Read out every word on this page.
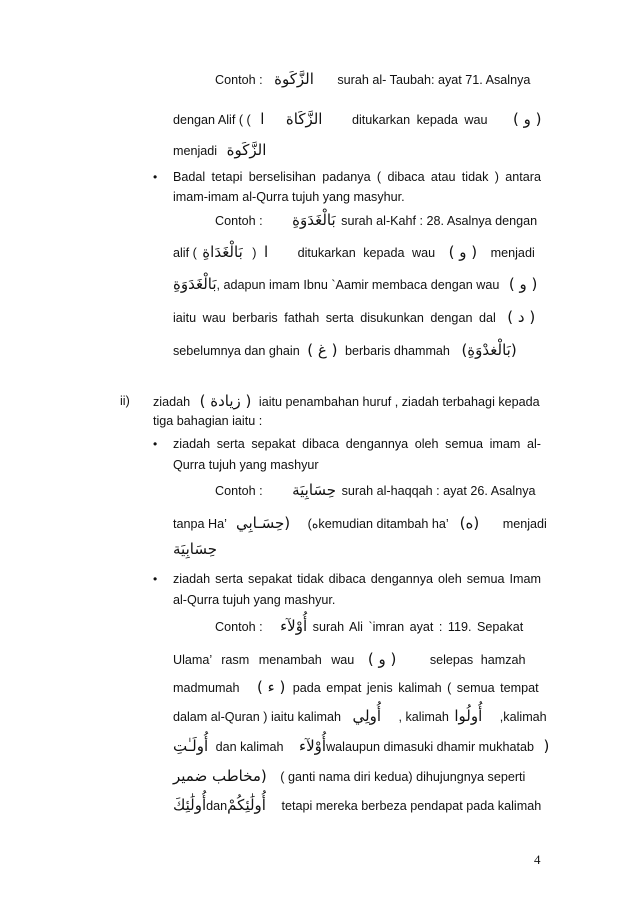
Contoh : الزَّكَوة surah al- Taubah: ayat 71. Asalnya
dengan Alif ( ( ا الزَّكَاة ditukarkan kepada wau ( و )
menjadi الزَّكَوة
• Badal tetapi berselisihan padanya ( dibaca atau tidak ) antara
imam-imam al-Qurra tujuh yang masyhur.
Contoh : بَالْغَدَوَةِ surah al-Kahf : 28. Asalnya dengan
alif ( بَالْغَدَاةِ ) ا ditukarkan kepada wau ( و ) menjadi
بَالْغَدَوَةِ, adapun imam Ibnu `Aamir membaca dengan wau ( و )
iaitu wau berbaris fathah serta disukunkan dengan dal ( د )
sebelumnya dan ghain ( غ ) berbaris dhammah (بَالْغدْوَةِ)
ii) ziadah ( زيادة ) iaitu penambahan huruf , ziadah terbahagi kepada
tiga bahagian iaitu :
• ziadah serta sepakat dibaca dengannya oleh semua imam al-
Qurra tujuh yang mashyur
Contoh : حِسَابِيَة surah al-haqqah : ayat 26. Asalnya
tanpa Ha’ (حِسَـابِي (هkemudian ditambah ha’ (ه) menjadi
حِسَابِيَة
• ziadah serta sepakat tidak dibaca dengannya oleh semua Imam
al-Qurra tujuh yang mashyur.
Contoh : أُوْلآء surah Ali `imran ayat : 119. Sepakat
Ulama’ rasm menambah wau ( و )	selepas hamzah
madmumah ( ء ) pada empat jenis kalimah ( semua tempat
dalam al-Quran ) iaitu kalimah أُولِي , kalimah أُولُوا ,kalimah
أُولَـٰتِ dan kalimah أُوْلآءwalaupun dimasuki dhamir mukhatab (
(مخاطب ضمير ( ganti nama diri kedua) dihujungnya seperti
أُولَٰئِكَdanأُولَٰئِكُمْ tetapi mereka berbeza pendapat pada kalimah
4
